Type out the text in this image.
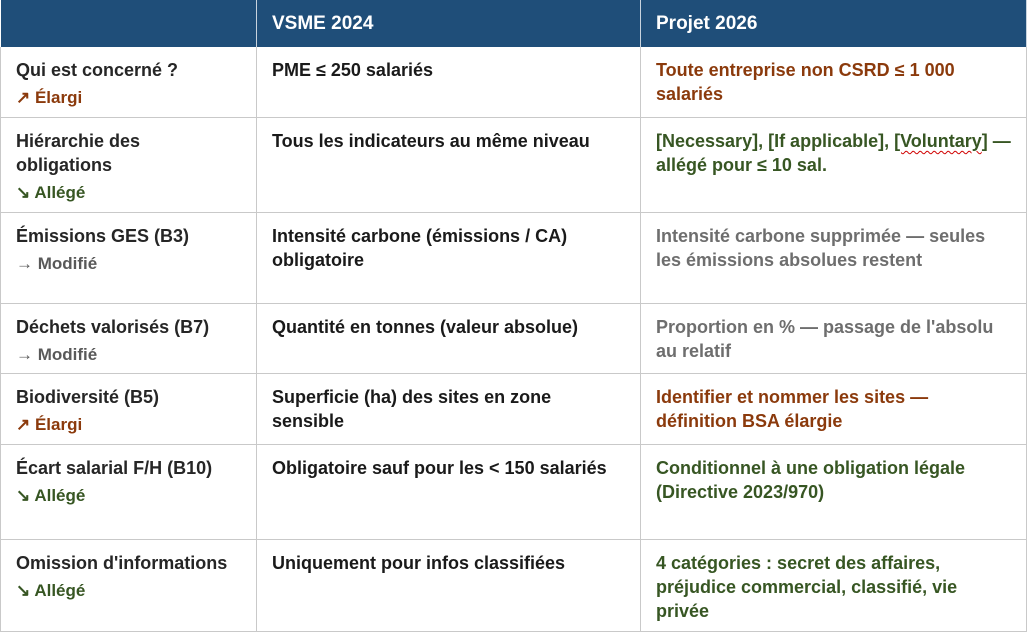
	VSME 2024	Projet 2026
Qui est concerné ?
↗ Élargi	PME ≤ 250 salariés	Toute entreprise non CSRD ≤ 1 000 salariés
Hiérarchie des obligations
↘ Allégé	Tous les indicateurs au même niveau	[Necessary], [If applicable], [Voluntary] — allégé pour ≤ 10 sal.
Émissions GES (B3)
→ Modifié	Intensité carbone (émissions / CA) obligatoire	Intensité carbone supprimée — seules les émissions absolues restent
Déchets valorisés (B7)
→ Modifié	Quantité en tonnes (valeur absolue)	Proportion en % — passage de l'absolu au relatif
Biodiversité (B5)
↗ Élargi	Superficie (ha) des sites en zone sensible	Identifier et nommer les sites — définition BSA élargie
Écart salarial F/H (B10)
↘ Allégé	Obligatoire sauf pour les < 150 salariés	Conditionnel à une obligation légale (Directive 2023/970)
Omission d'informations
↘ Allégé	Uniquement pour infos classifiées	4 catégories : secret des affaires, préjudice commercial, classifié, vie privée
